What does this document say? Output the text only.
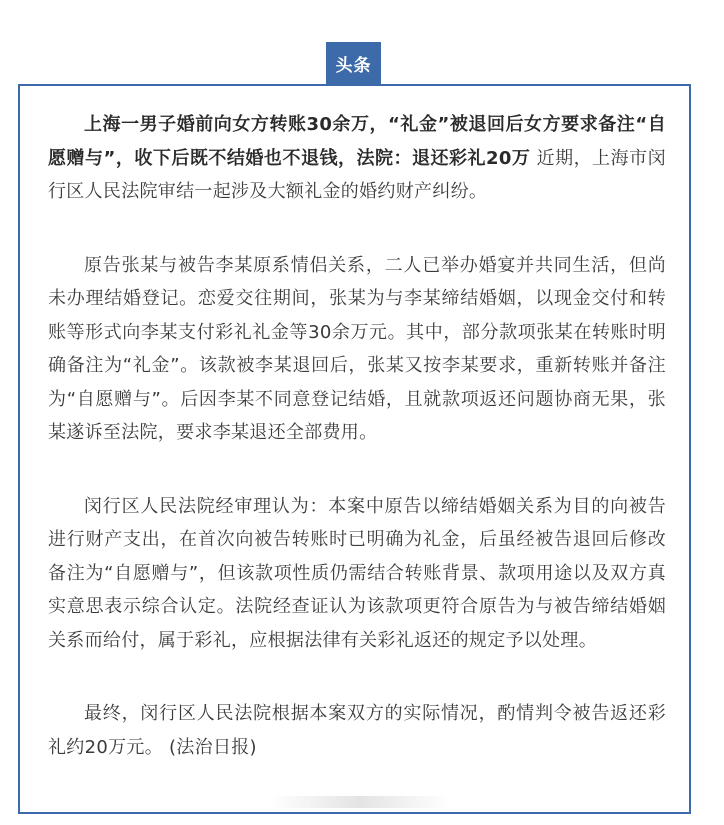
头条

上海一男子婚前向女方转账30余万，“礼金”被退回后女方要求备注“自愿赠与”，收下后既不结婚也不退钱，法院：退还彩礼20万 近期，上海市闵行区人民法院审结一起涉及大额礼金的婚约财产纠纷。

原告张某与被告李某原系情侣关系，二人已举办婚宴并共同生活，但尚未办理结婚登记。恋爱交往期间，张某为与李某缔结婚姻，以现金交付和转账等形式向李某支付彩礼礼金等30余万元。其中，部分款项张某在转账时明确备注为“礼金”。该款被李某退回后，张某又按李某要求，重新转账并备注为“自愿赠与”。后因李某不同意登记结婚，且就款项返还问题协商无果，张某遂诉至法院，要求李某退还全部费用。

闵行区人民法院经审理认为：本案中原告以缔结婚姻关系为目的向被告进行财产支出，在首次向被告转账时已明确为礼金，后虽经被告退回后修改备注为“自愿赠与”，但该款项性质仍需结合转账背景、款项用途以及双方真实意思表示综合认定。法院经查证认为该款项更符合原告为与被告缔结婚姻关系而给付，属于彩礼，应根据法律有关彩礼返还的规定予以处理。

最终，闵行区人民法院根据本案双方的实际情况，酌情判令被告返还彩礼约20万元。 (法治日报)
